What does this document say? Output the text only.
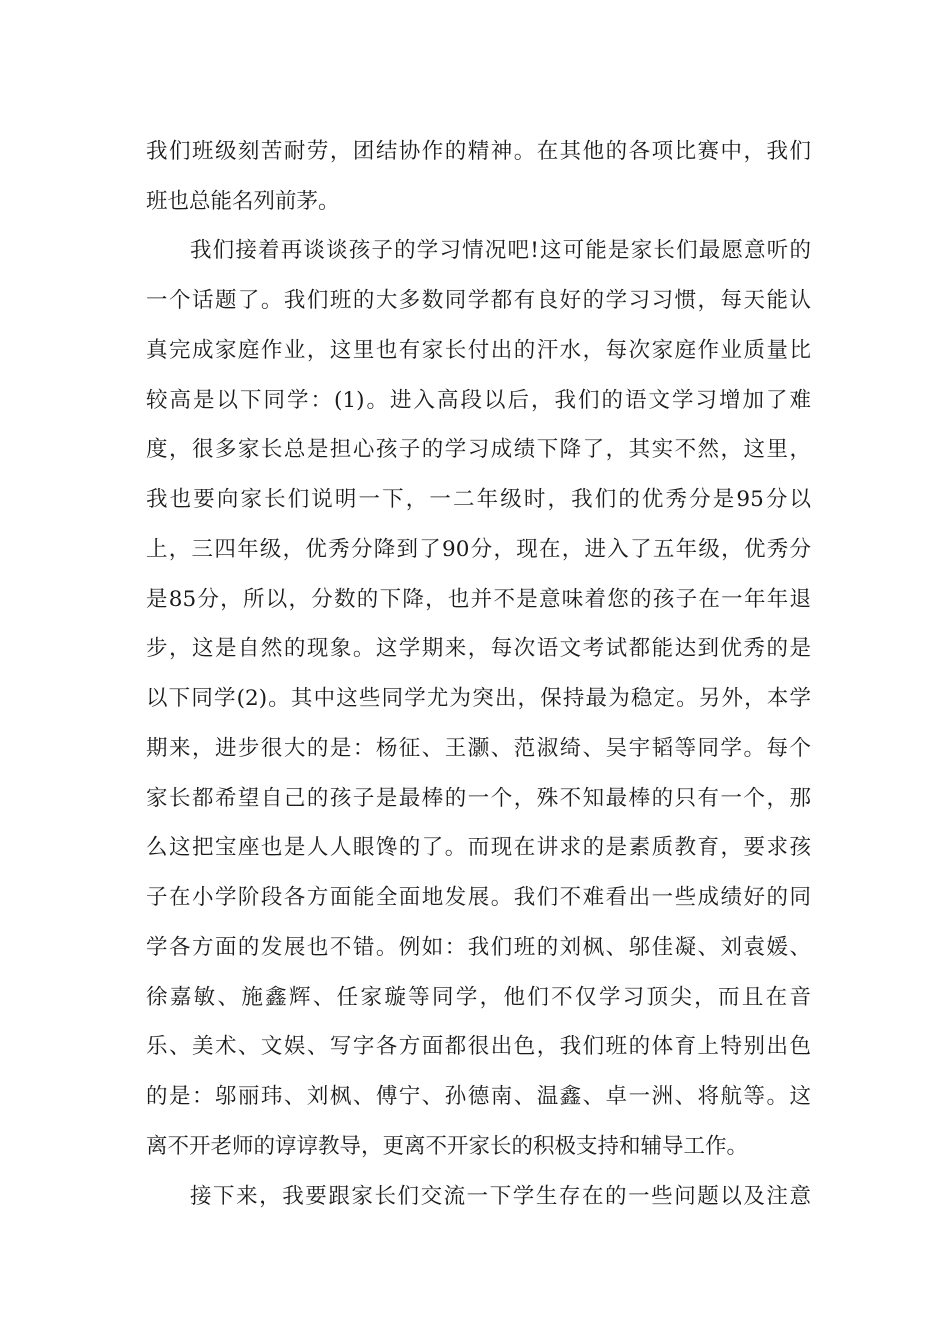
我们班级刻苦耐劳，团结协作的精神。在其他的各项比赛中，我们
班也总能名列前茅。
我们接着再谈谈孩子的学习情况吧!这可能是家长们最愿意听的
一个话题了。我们班的大多数同学都有良好的学习习惯，每天能认
真完成家庭作业，这里也有家长付出的汗水，每次家庭作业质量比
较高是以下同学：(1)。进入高段以后，我们的语文学习增加了难
度，很多家长总是担心孩子的学习成绩下降了，其实不然，这里，
我也要向家长们说明一下，一二年级时，我们的优秀分是95分以
上，三四年级，优秀分降到了90分，现在，进入了五年级，优秀分
是85分，所以，分数的下降，也并不是意味着您的孩子在一年年退
步，这是自然的现象。这学期来，每次语文考试都能达到优秀的是
以下同学(2)。其中这些同学尤为突出，保持最为稳定。另外，本学
期来，进步很大的是：杨征、王灏、范淑绮、吴宇韬等同学。每个
家长都希望自己的孩子是最棒的一个，殊不知最棒的只有一个，那
么这把宝座也是人人眼馋的了。而现在讲求的是素质教育，要求孩
子在小学阶段各方面能全面地发展。我们不难看出一些成绩好的同
学各方面的发展也不错。例如：我们班的刘枫、邬佳凝、刘袁媛、
徐嘉敏、施鑫辉、任家璇等同学，他们不仅学习顶尖，而且在音
乐、美术、文娱、写字各方面都很出色，我们班的体育上特别出色
的是：邬丽玮、刘枫、傅宁、孙德南、温鑫、卓一洲、将航等。这
离不开老师的谆谆教导，更离不开家长的积极支持和辅导工作。
接下来，我要跟家长们交流一下学生存在的一些问题以及注意
